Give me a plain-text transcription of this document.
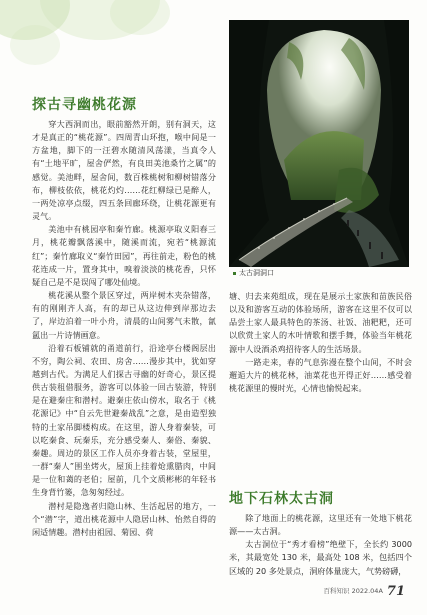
探古寻幽桃花源

穿大西洞而出，眼前豁然开朗，别有洞天，这才是真正的“桃花源”。四周青山环抱，喉中间是一方盆地，脚下的一汪碧水随清风荡漾，当真令人有“土地平旷，屋舍俨然，有良田美池桑竹之属”的感觉。美池畔，屋舍间，数百株桃树和柳树错落分布，柳枝依依，桃花灼灼……花红柳绿已是醉人，一两处凉亭点缀，四五条回廊环绕，让桃花源更有灵气。

美池中有桃园亭和秦竹廊。桃源亭取义阳春三月，桃花瓣飘落溪中，随溪而流，宛若“桃源流红”；秦竹廊取义“秦竹田园”，再往前走，粉色的桃花连成一片，置身其中，嗅着淡淡的桃花香，只怀疑自己是不是误闯了哪处仙境。

桃花溪从整个景区穿过，两岸树木夹杂错落，有的刚刚齐人高，有的却已从这边伸到岸那边去了，岸边泊着一叶小舟，清晨的山间雾气未散，氤氲出一片诗情画意。

沿着石板铺就的甬道前行，沿途亭台楼阁层出不穷，陶公祠、农田、房舍……漫步其中，犹如穿越到古代。为满足人们探古寻幽的好奇心，景区提供古装租借服务，游客可以体验一回古装游，特别是在避秦庄和潜村。避秦庄依山傍水，取名于《桃花源记》中“自云先世避秦战乱”之意，是由造型独特的土家吊脚楼构成。在这里，游人身着秦装，可以吃秦食、玩秦乐，充分感受秦人、秦俗、秦貌、秦趣。周边的景区工作人员亦身着古装，堂屋里，一群“秦人”围坐烤火，屋顶上挂着炝熏腊肉，中间是一位和蔼的老伯；屋前，几个文质彬彬的年轻书生身背竹篓，急匆匆经过。

潜村是隐逸者归隐山林、生活起居的地方，一个“潜”字，道出桃花源中人隐居山林、怡然自得的闲适情趣。潜村由祖园、菊园、荷

太古洞洞口

塘、归去来苑组成，现在是展示土家族和苗族民俗以及和游客互动的体验场所，游客在这里不仅可以品尝土家人最具特色的茶汤、社饭、油粑粑，还可以欣赏土家人的木叶情歌和摆手舞，体验当年桃花源中人设酒杀鸡招待客人的生活场景。

一路走来，春的气息弥漫在整个山间，不时会邂逅大片的桃花林，油菜花也开得正好……感受着桃花源里的慢时光，心情也愉悦起来。

地下石林太古洞

除了地面上的桃花源，这里还有一处地下桃花源——太古洞。

太古洞位于“秀才看榜”绝壁下，全长约 3000 米，其最宽处 130 米，最高处 108 米，包括四个区域的 20 多处景点，洞府体量庞大，气势磅礴，

百科知识 2022.04A 71
